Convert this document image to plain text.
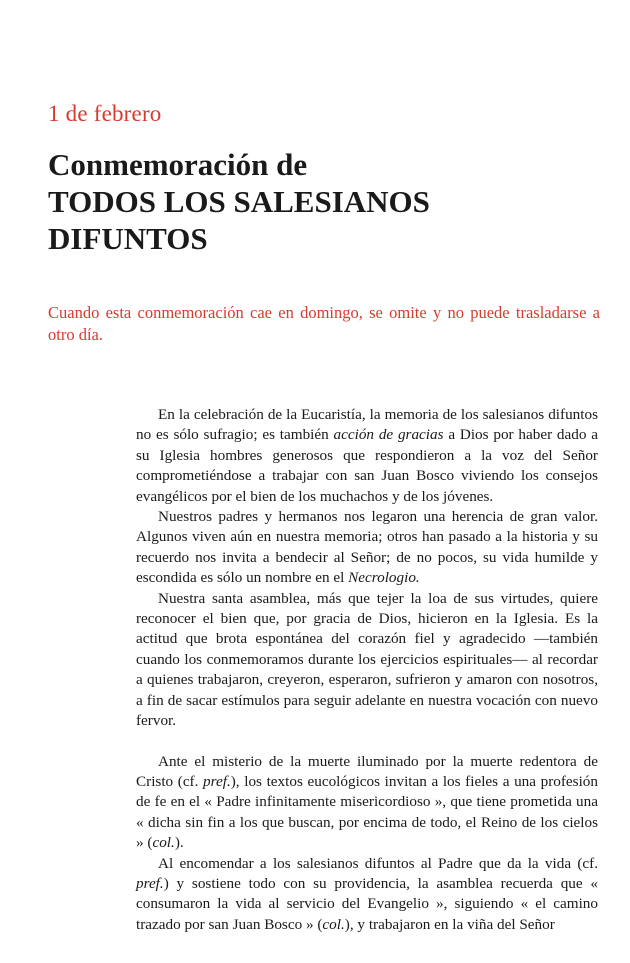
1 de febrero
Conmemoración de
TODOS LOS SALESIANOS
DIFUNTOS

Cuando esta conmemoración cae en domingo, se omite y no puede trasladarse a otro día.

En la celebración de la Eucaristía, la memoria de los salesianos difuntos no es sólo sufragio; es también acción de gracias a Dios por haber dado a su Iglesia hombres generosos que respondieron a la voz del Señor comprometiéndose a trabajar con san Juan Bosco viviendo los consejos evangélicos por el bien de los muchachos y de los jóvenes.

Nuestros padres y hermanos nos legaron una herencia de gran valor. Algunos viven aún en nuestra memoria; otros han pasado a la historia y su recuerdo nos invita a bendecir al Señor; de no pocos, su vida humilde y escondida es sólo un nombre en el Necrologio.

Nuestra santa asamblea, más que tejer la loa de sus virtudes, quiere reconocer el bien que, por gracia de Dios, hicieron en la Iglesia. Es la actitud que brota espontánea del corazón fiel y agradecido —también cuando los conmemoramos durante los ejercicios espirituales— al recordar a quienes trabajaron, creyeron, esperaron, sufrieron y amaron con nosotros, a fin de sacar estímulos para seguir adelante en nuestra vocación con nuevo fervor.

Ante el misterio de la muerte iluminado por la muerte redentora de Cristo (cf. pref.), los textos eucológicos invitan a los fieles a una profesión de fe en el « Padre infinitamente misericordioso », que tiene prometida una « dicha sin fin a los que buscan, por encima de todo, el Reino de los cielos » (col.).

Al encomendar a los salesianos difuntos al Padre que da la vida (cf. pref.) y sostiene todo con su providencia, la asamblea recuerda que « consumaron la vida al servicio del Evangelio », siguiendo « el camino trazado por san Juan Bosco » (col.), y trabajaron en la viña del Señor
